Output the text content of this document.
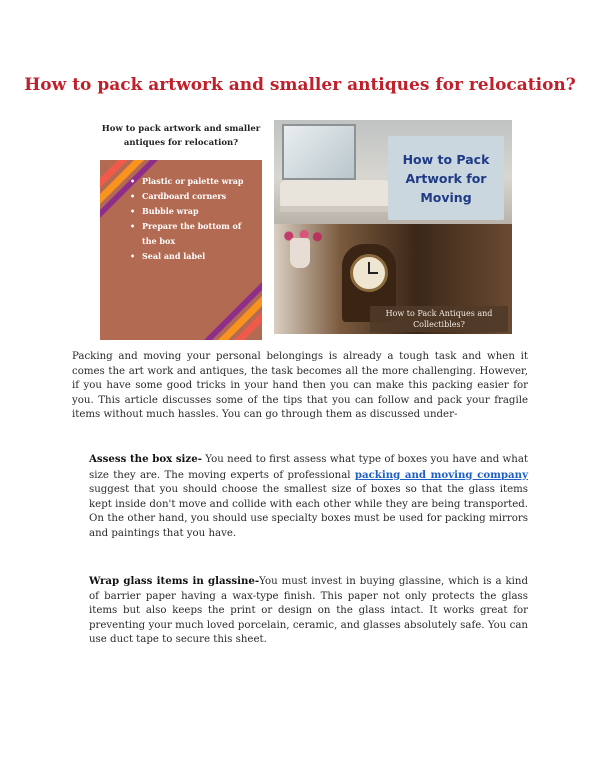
How to pack artwork and smaller antiques for relocation?
How to pack artwork and smaller antiques for relocation?
• Plastic or palette wrap
• Cardboard corners
• Bubble wrap
• Prepare the bottom of the box
• Seal and label
How to Pack Artwork for Moving
How to Pack Antiques and Collectibles?

Packing and moving your personal belongings is already a tough task and when it comes the art work and antiques, the task becomes all the more challenging. However, if you have some good tricks in your hand then you can make this packing easier for you. This article discusses some of the tips that you can follow and pack your fragile items without much hassles. You can go through them as discussed under-

Assess the box size- You need to first assess what type of boxes you have and what size they are. The moving experts of professional packing and moving company suggest that you should choose the smallest size of boxes so that the glass items kept inside don't move and collide with each other while they are being transported. On the other hand, you should use specialty boxes must be used for packing mirrors and paintings that you have.

Wrap glass items in glassine-You must invest in buying glassine, which is a kind of barrier paper having a wax-type finish. This paper not only protects the glass items but also keeps the print or design on the glass intact. It works great for preventing your much loved porcelain, ceramic, and glasses absolutely safe. You can use duct tape to secure this sheet.
